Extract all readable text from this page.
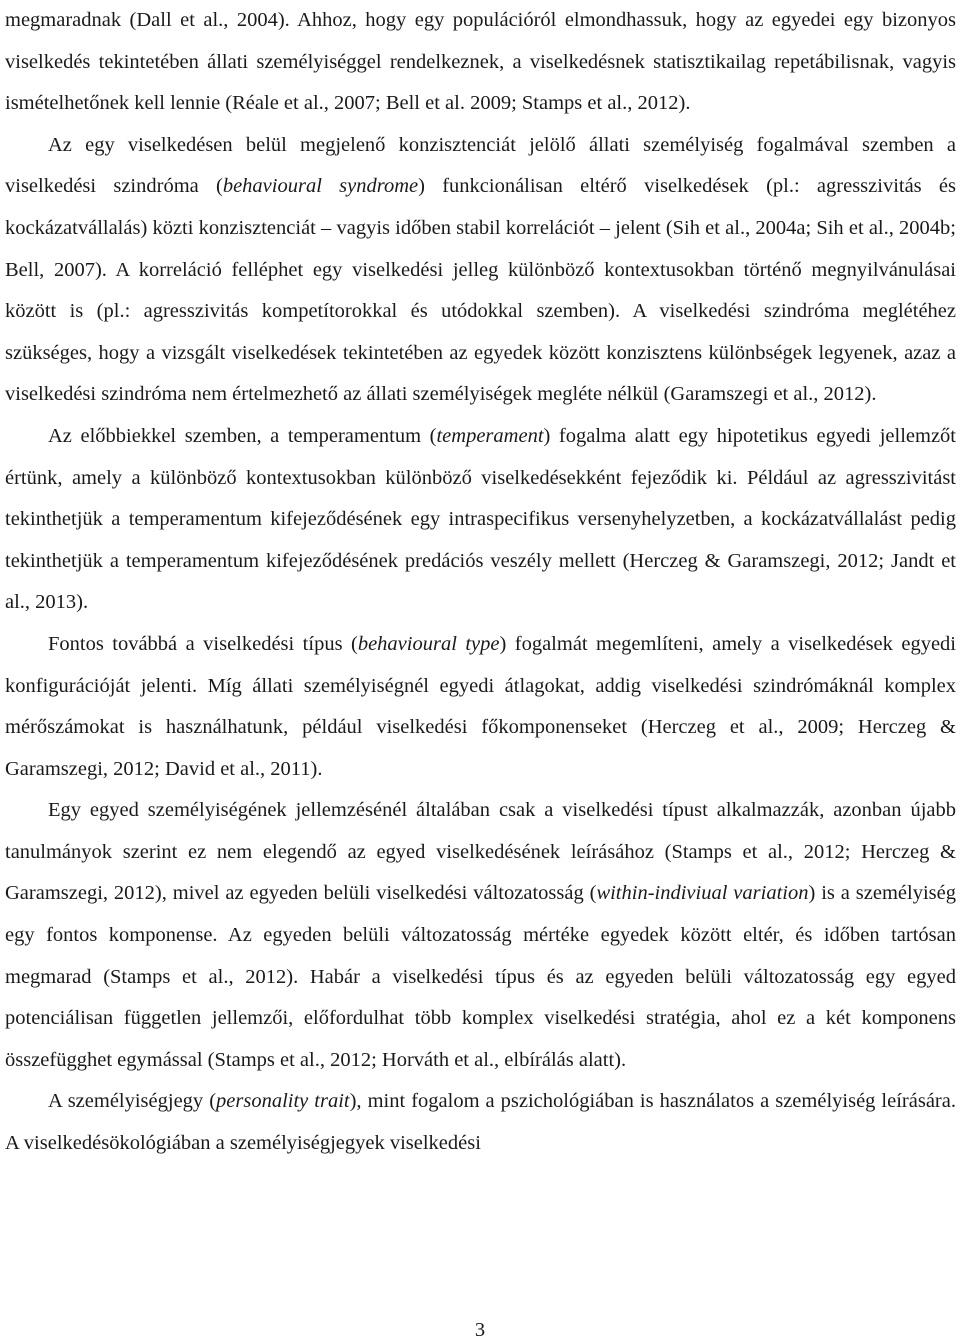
megmaradnak (Dall et al., 2004). Ahhoz, hogy egy populációról elmondhassuk, hogy az egyedei egy bizonyos viselkedés tekintetében állati személyiséggel rendelkeznek, a viselkedésnek statisztikailag repetábilisnak, vagyis ismételhetőnek kell lennie (Réale et al., 2007; Bell et al. 2009; Stamps et al., 2012).

Az egy viselkedésen belül megjelenő konzisztenciát jelölő állati személyiség fogalmával szemben a viselkedési szindróma (behavioural syndrome) funkcionálisan eltérő viselkedések (pl.: agresszivitás és kockázatvállalás) közti konzisztenciát – vagyis időben stabil korrelációt – jelent (Sih et al., 2004a; Sih et al., 2004b; Bell, 2007). A korreláció felléphet egy viselkedési jelleg különböző kontextusokban történő megnyilvánulásai között is (pl.: agresszivitás kompetítorokkal és utódokkal szemben). A viselkedési szindróma meglétéhez szükséges, hogy a vizsgált viselkedések tekintetében az egyedek között konzisztens különbségek legyenek, azaz a viselkedési szindróma nem értelmezhető az állati személyiségek megléte nélkül (Garamszegi et al., 2012).

Az előbbiekkel szemben, a temperamentum (temperament) fogalma alatt egy hipotetikus egyedi jellemzőt értünk, amely a különböző kontextusokban különböző viselkedésekként fejeződik ki. Például az agresszivitást tekinthetjük a temperamentum kifejeződésének egy intraspecifikus versenyhelyzetben, a kockázatvállalást pedig tekinthetjük a temperamentum kifejeződésének predációs veszély mellett (Herczeg & Garamszegi, 2012; Jandt et al., 2013).

Fontos továbbá a viselkedési típus (behavioural type) fogalmát megemlíteni, amely a viselkedések egyedi konfigurációját jelenti. Míg állati személyiségnél egyedi átlagokat, addig viselkedési szindrómáknál komplex mérőszámokat is használhatunk, például viselkedési főkomponenseket (Herczeg et al., 2009; Herczeg & Garamszegi, 2012; David et al., 2011).

Egy egyed személyiségének jellemzésénél általában csak a viselkedési típust alkalmazzák, azonban újabb tanulmányok szerint ez nem elegendő az egyed viselkedésének leírásához (Stamps et al., 2012; Herczeg & Garamszegi, 2012), mivel az egyeden belüli viselkedési változatosság (within-indiviual variation) is a személyiség egy fontos komponense. Az egyeden belüli változatosság mértéke egyedek között eltér, és időben tartósan megmarad (Stamps et al., 2012). Habár a viselkedési típus és az egyeden belüli változatosság egy egyed potenciálisan független jellemzői, előfordulhat több komplex viselkedési stratégia, ahol ez a két komponens összefügghet egymással (Stamps et al., 2012; Horváth et al., elbírálás alatt).

A személyiségjegy (personality trait), mint fogalom a pszichológiában is használatos a személyiség leírására. A viselkedésökológiában a személyiségjegyek viselkedési

3
